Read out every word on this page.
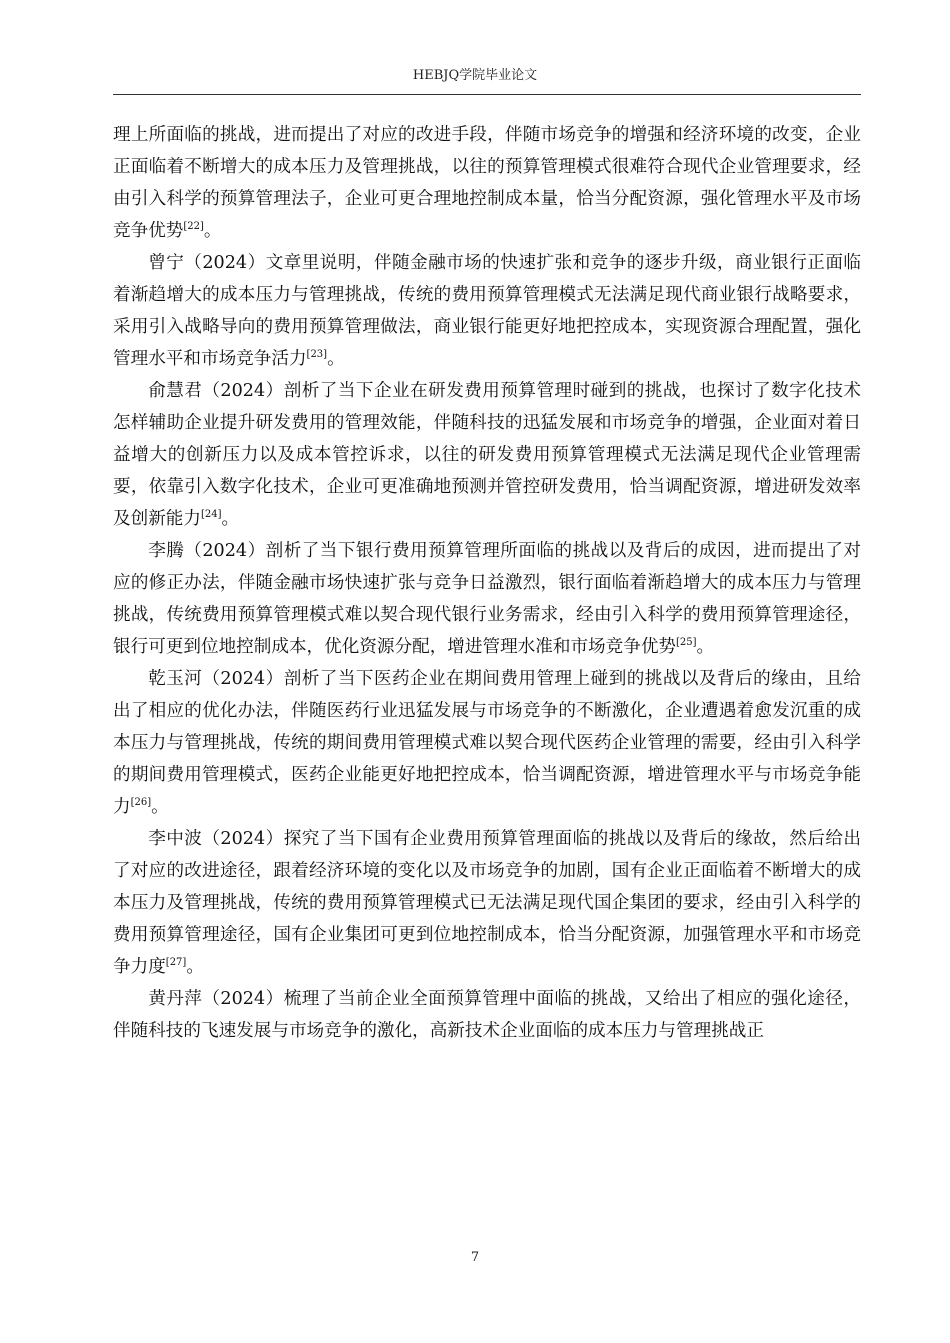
HEBJQ学院毕业论文

理上所面临的挑战，进而提出了对应的改进手段，伴随市场竞争的增强和经济环境的改变，企业正面临着不断增大的成本压力及管理挑战，以往的预算管理模式很难符合现代企业管理要求，经由引入科学的预算管理法子，企业可更合理地控制成本量，恰当分配资源，强化管理水平及市场竞争优势[22]。

曾宁（2024）文章里说明，伴随金融市场的快速扩张和竞争的逐步升级，商业银行正面临着渐趋增大的成本压力与管理挑战，传统的费用预算管理模式无法满足现代商业银行战略要求，采用引入战略导向的费用预算管理做法，商业银行能更好地把控成本，实现资源合理配置，强化管理水平和市场竞争活力[23]。

俞慧君（2024）剖析了当下企业在研发费用预算管理时碰到的挑战，也探讨了数字化技术怎样辅助企业提升研发费用的管理效能，伴随科技的迅猛发展和市场竞争的增强，企业面对着日益增大的创新压力以及成本管控诉求，以往的研发费用预算管理模式无法满足现代企业管理需要，依靠引入数字化技术，企业可更准确地预测并管控研发费用，恰当调配资源，增进研发效率及创新能力[24]。

李腾（2024）剖析了当下银行费用预算管理所面临的挑战以及背后的成因，进而提出了对应的修正办法，伴随金融市场快速扩张与竞争日益激烈，银行面临着渐趋增大的成本压力与管理挑战，传统费用预算管理模式难以契合现代银行业务需求，经由引入科学的费用预算管理途径，银行可更到位地控制成本，优化资源分配，增进管理水准和市场竞争优势[25]。

乾玉河（2024）剖析了当下医药企业在期间费用管理上碰到的挑战以及背后的缘由，且给出了相应的优化办法，伴随医药行业迅猛发展与市场竞争的不断激化，企业遭遇着愈发沉重的成本压力与管理挑战，传统的期间费用管理模式难以契合现代医药企业管理的需要，经由引入科学的期间费用管理模式，医药企业能更好地把控成本，恰当调配资源，增进管理水平与市场竞争能力[26]。

李中波（2024）探究了当下国有企业费用预算管理面临的挑战以及背后的缘故，然后给出了对应的改进途径，跟着经济环境的变化以及市场竞争的加剧，国有企业正面临着不断增大的成本压力及管理挑战，传统的费用预算管理模式已无法满足现代国企集团的要求，经由引入科学的费用预算管理途径，国有企业集团可更到位地控制成本，恰当分配资源，加强管理水平和市场竞争力度[27]。

黄丹萍（2024）梳理了当前企业全面预算管理中面临的挑战，又给出了相应的强化途径，伴随科技的飞速发展与市场竞争的激化，高新技术企业面临的成本压力与管理挑战正

7
